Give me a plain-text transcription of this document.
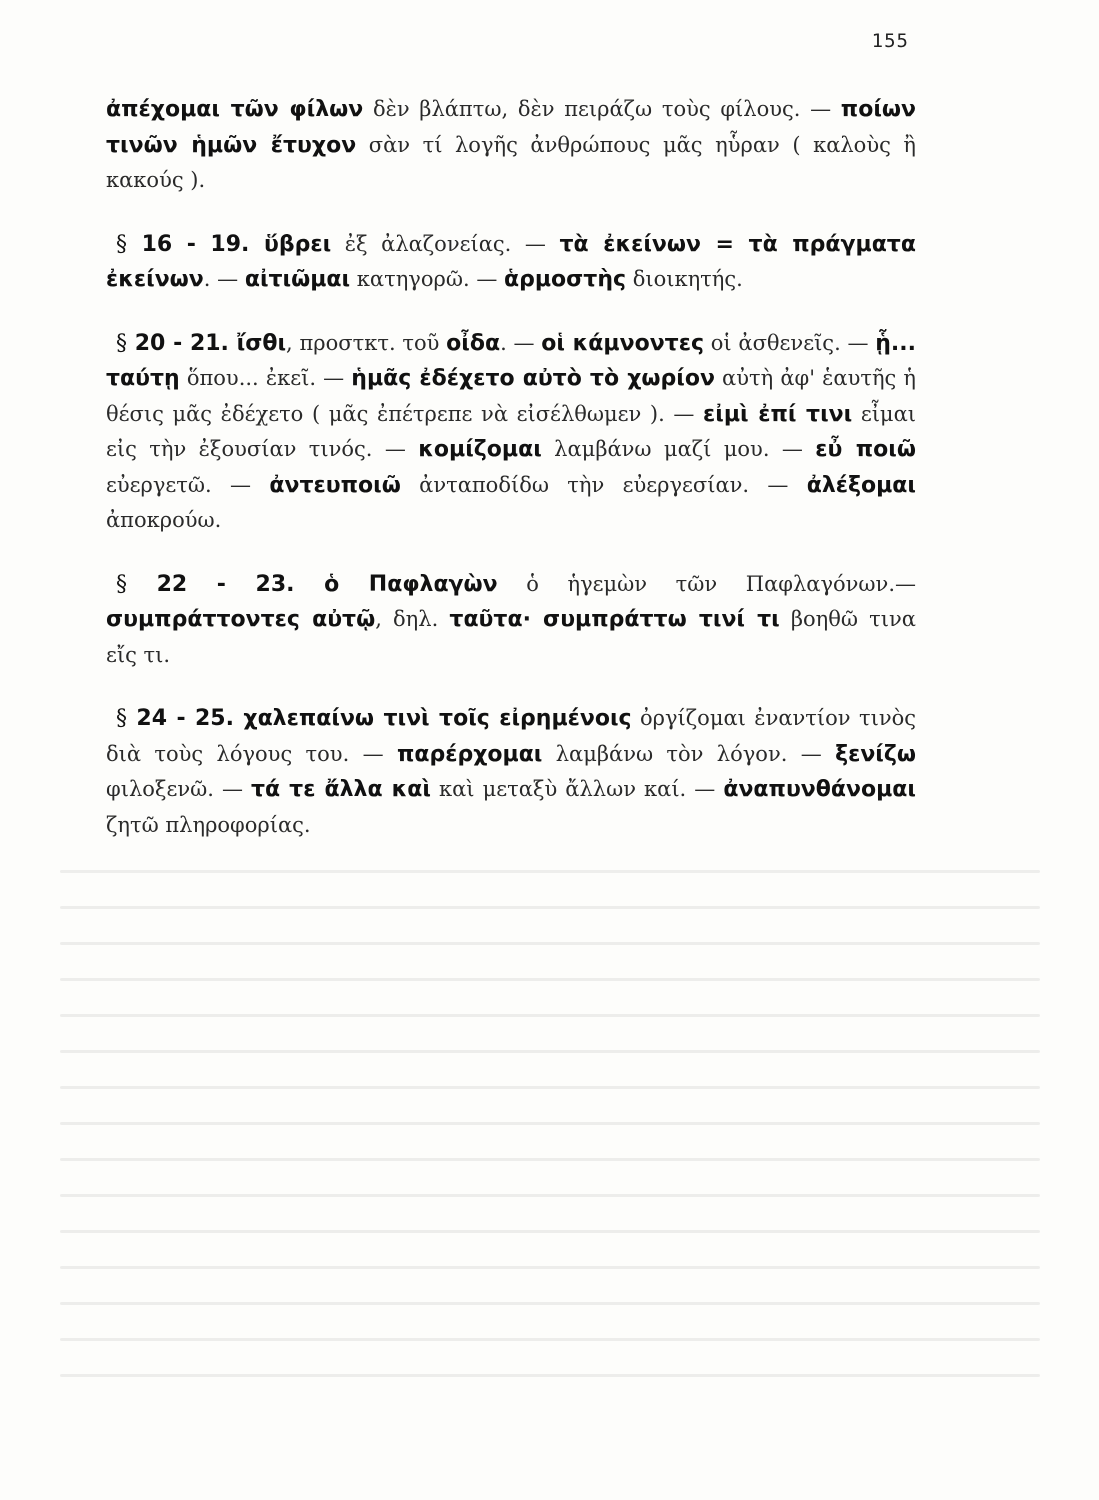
155

ἀπέχομαι τῶν φίλων δὲν βλάπτω, δὲν πειράζω τοὺς φίλους. — ποίων τινῶν ἡμῶν ἔτυχον σὰν τί λογῆς ἀνθρώπους μᾶς ηὗραν ( καλοὺς ἢ κακούς ).

§ 16 - 19. ὕβρει ἐξ ἀλαζονείας. — τὰ ἐκείνων = τὰ πράγματα ἐκείνων. — αἰτιῶμαι κατηγορῶ. — ἁρμοστὴς διοικητής.

§ 20 - 21. ἴσθι, προστκτ. τοῦ οἶδα. — οἱ κάμνοντες οἱ ἀσθενεῖς. — ᾗ... ταύτῃ ὅπου... ἐκεῖ. — ἡμᾶς ἐδέχετο αὐτὸ τὸ χωρίον αὐτὴ ἀφ' ἑαυτῆς ἡ θέσις μᾶς ἐδέχετο ( μᾶς ἐπέτρεπε νὰ εἰσέλθωμεν ). — εἰμὶ ἐπί τινι εἶμαι εἰς τὴν ἐξουσίαν τινός. — κομίζομαι λαμβάνω μαζί μου. — εὖ ποιῶ εὐεργετῶ. — ἀντευποιῶ ἀνταποδίδω τὴν εὐεργεσίαν. — ἀλέξομαι ἀποκρούω.

§ 22 - 23. ὁ Παφλαγὼν ὁ ἡγεμὼν τῶν Παφλαγόνων.— συμπράττοντες αὐτῷ, δηλ. ταῦτα· συμπράττω τινί τι βοηθῶ τινα εἴς τι.

§ 24 - 25. χαλεπαίνω τινὶ τοῖς εἰρημένοις ὀργίζομαι ἐναντίον τινὸς διὰ τοὺς λόγους του. — παρέρχομαι λαμβάνω τὸν λόγον. — ξενίζω φιλοξενῶ. — τά τε ἄλλα καὶ καὶ μεταξὺ ἄλλων καί. — ἀναπυνθάνομαι ζητῶ πληροφορίας.
